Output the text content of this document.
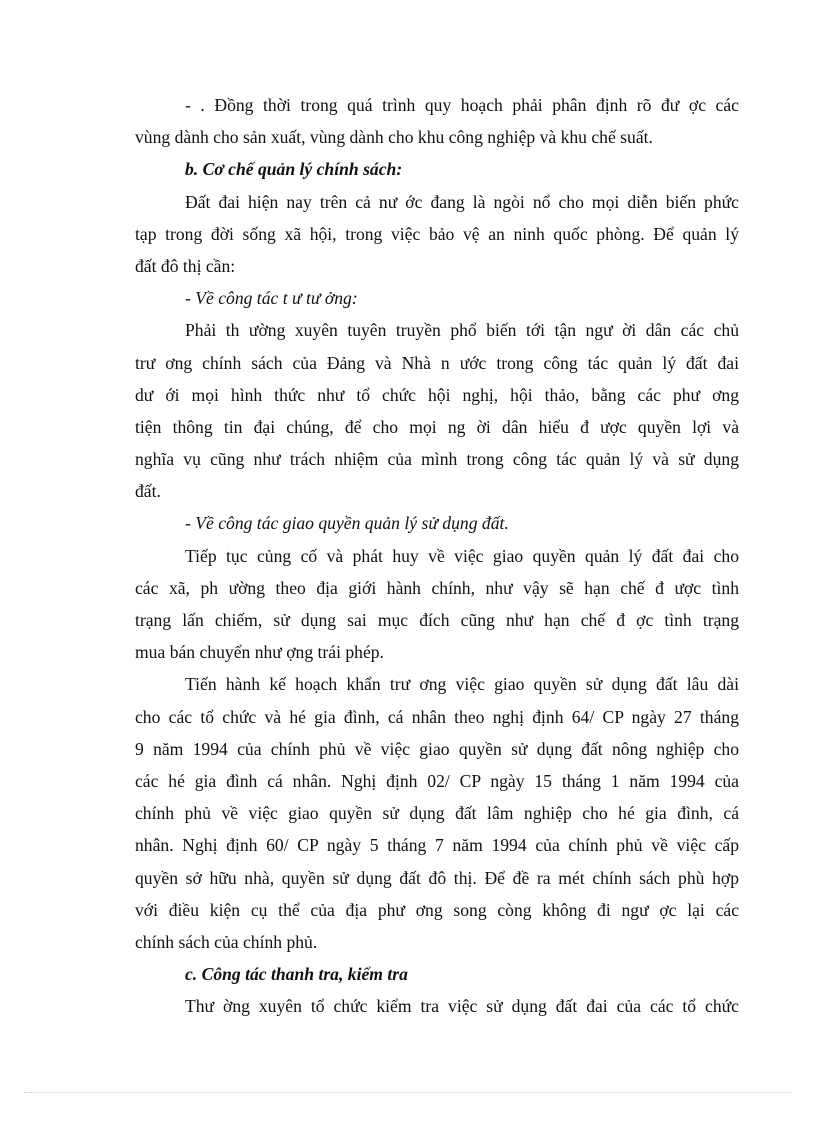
- . Đồng thời trong quá trình quy hoạch phải phân định rõ đư ợc các
vùng dành cho sản xuất, vùng dành cho khu công nghiệp và khu chế suất.
b. Cơ chế quản lý chính sách:
Đất đai hiện nay trên cả nư ớc đang là ngòi nổ cho mọi diễn biến phức
tạp trong đời sống xã hội, trong việc bảo vệ an ninh quốc phòng. Để quản lý
đất đô thị cần:
- Về công tác t ư tư ởng:
Phải th ường xuyên tuyên truyền phổ biến tới tận ngư ời dân các chủ
trư ơng chính sách của Đảng và Nhà n ước trong công tác quản lý đất đai
dư ới mọi hình thức như tổ chức hội nghị, hội thảo, bằng các phư ơng
tiện thông tin đại chúng, để cho mọi ng ời dân hiểu đ ược quyền lợi và
nghĩa vụ cũng như trách nhiệm của mình trong công tác quản lý và sử dụng
đất.
- Về công tác giao quyền quản lý sử dụng đất.
Tiếp tục củng cố và phát huy về việc giao quyền quản lý đất đai cho
các xã, ph ường theo địa giới hành chính, như vậy sẽ hạn chế đ ược tình
trạng lấn chiếm, sử dụng sai mục đích cũng như hạn chế đ ợc tình trạng
mua bán chuyển như ợng trái phép.
Tiến hành kế hoạch khẩn trư ơng việc giao quyền sử dụng đất lâu dài
cho các tổ chức và hé gia đình, cá nhân theo nghị định 64/ CP ngày 27 tháng
9 năm 1994 của chính phủ về việc giao quyền sử dụng đất nông nghiệp cho
các hé gia đình cá nhân. Nghị định 02/ CP ngày 15 tháng 1 năm 1994 của
chính phủ về việc giao quyền sử dụng đất lâm nghiệp cho hé gia đình, cá
nhân. Nghị định 60/ CP ngày 5 tháng 7 năm 1994 của chính phủ về việc cấp
quyền sở hữu nhà, quyền sử dụng đất đô thị. Để đề ra mét chính sách phù hợp
với điều kiện cụ thể của địa phư ơng song còng không đi ngư ợc lại các
chính sách của chính phủ.
c. Công tác thanh tra, kiểm tra
Thư ờng xuyên tổ chức kiểm tra việc sử dụng đất đai của các tổ chức
